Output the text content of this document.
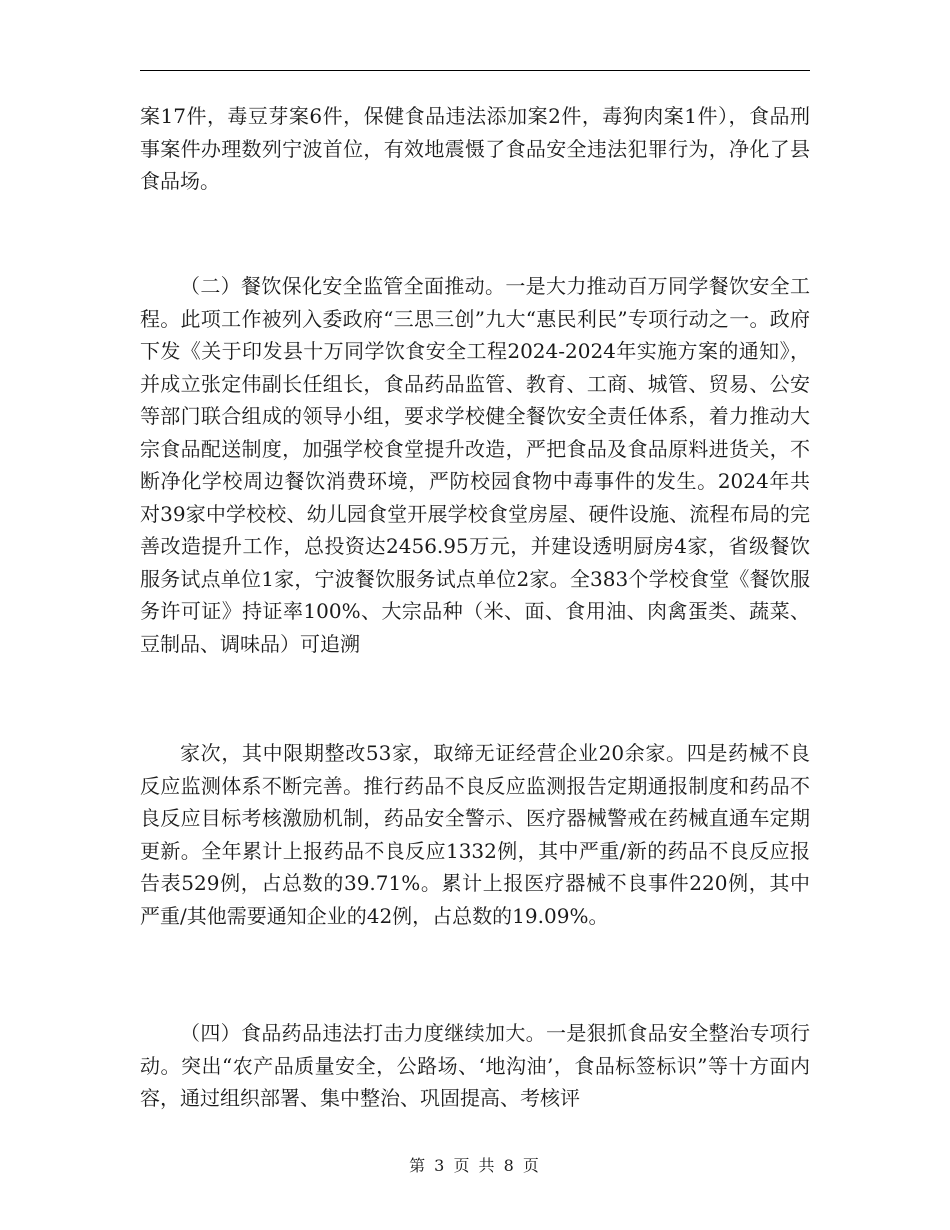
案17件，毒豆芽案6件，保健食品违法添加案2件，毒狗肉案1件），食品刑事案件办理数列宁波首位，有效地震慑了食品安全违法犯罪行为，净化了县食品场。

（二）餐饮保化安全监管全面推动。一是大力推动百万同学餐饮安全工程。此项工作被列入委政府“三思三创”九大“惠民利民”专项行动之一。政府下发《关于印发县十万同学饮食安全工程2024-2024年实施方案的通知》，并成立张定伟副长任组长，食品药品监管、教育、工商、城管、贸易、公安等部门联合组成的领导小组，要求学校健全餐饮安全责任体系，着力推动大宗食品配送制度，加强学校食堂提升改造，严把食品及食品原料进货关，不断净化学校周边餐饮消费环境，严防校园食物中毒事件的发生。2024年共对39家中学校校、幼儿园食堂开展学校食堂房屋、硬件设施、流程布局的完善改造提升工作，总投资达2456.95万元，并建设透明厨房4家，省级餐饮服务试点单位1家，宁波餐饮服务试点单位2家。全383个学校食堂《餐饮服务许可证》持证率100%、大宗品种（米、面、食用油、肉禽蛋类、蔬菜、豆制品、调味品）可追溯

家次，其中限期整改53家，取缔无证经营企业20余家。四是药械不良反应监测体系不断完善。推行药品不良反应监测报告定期通报制度和药品不良反应目标考核激励机制，药品安全警示、医疗器械警戒在药械直通车定期更新。全年累计上报药品不良反应1332例，其中严重/新的药品不良反应报告表529例，占总数的39.71%。累计上报医疗器械不良事件220例，其中严重/其他需要通知企业的42例，占总数的19.09%。

（四）食品药品违法打击力度继续加大。一是狠抓食品安全整治专项行动。突出“农产品质量安全，公路场、‘地沟油’，食品标签标识”等十方面内容，通过组织部署、集中整治、巩固提高、考核评

第 3 页 共 8 页
